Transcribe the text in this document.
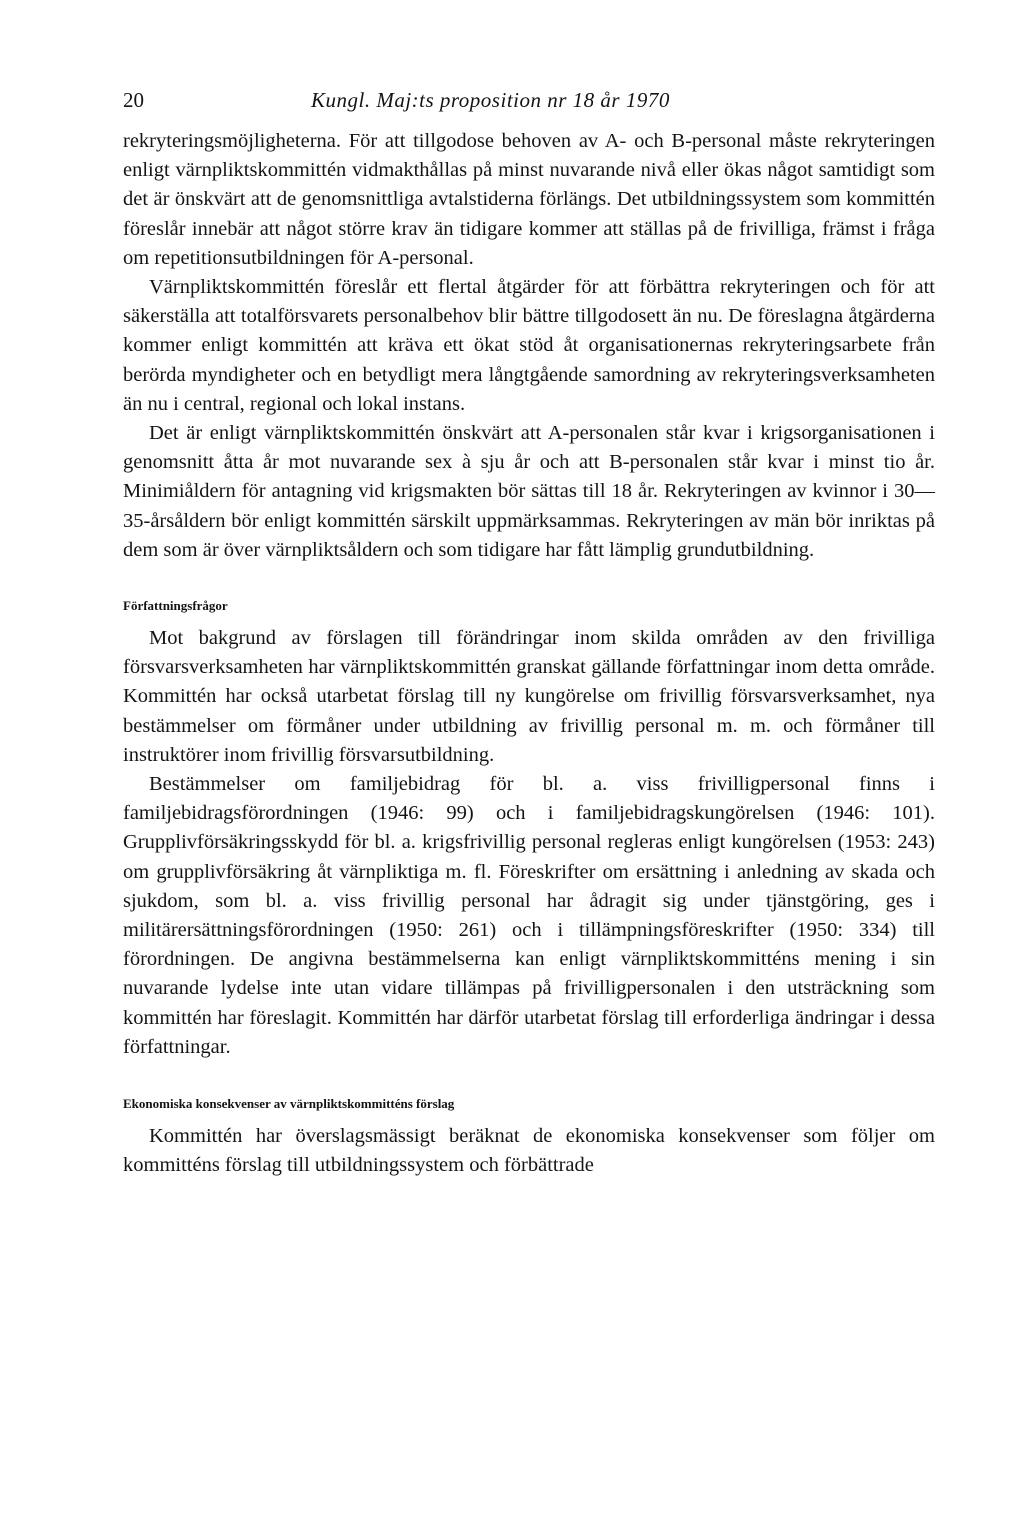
20	Kungl. Maj:ts proposition nr 18 år 1970

rekryteringsmöjligheterna. För att tillgodose behoven av A- och B-personal måste rekryteringen enligt värnpliktskommittén vidmakthållas på minst nuvarande nivå eller ökas något samtidigt som det är önskvärt att de genomsnittliga avtalstiderna förlängs. Det utbildningssystem som kommittén föreslår innebär att något större krav än tidigare kommer att ställas på de frivilliga, främst i fråga om repetitionsutbildningen för A-personal.

Värnpliktskommittén föreslår ett flertal åtgärder för att förbättra rekryteringen och för att säkerställa att totalförsvarets personalbehov blir bättre tillgodosett än nu. De föreslagna åtgärderna kommer enligt kommittén att kräva ett ökat stöd åt organisationernas rekryteringsarbete från berörda myndigheter och en betydligt mera långtgående samordning av rekryteringsverksamheten än nu i central, regional och lokal instans.

Det är enligt värnpliktskommittén önskvärt att A-personalen står kvar i krigsorganisationen i genomsnitt åtta år mot nuvarande sex à sju år och att B-personalen står kvar i minst tio år. Minimiåldern för antagning vid krigsmakten bör sättas till 18 år. Rekryteringen av kvinnor i 30—35-årsåldern bör enligt kommittén särskilt uppmärksammas. Rekryteringen av män bör inriktas på dem som är över värnpliktsåldern och som tidigare har fått lämplig grundutbildning.

Författningsfrågor

Mot bakgrund av förslagen till förändringar inom skilda områden av den frivilliga försvarsverksamheten har värnpliktskommittén granskat gällande författningar inom detta område. Kommittén har också utarbetat förslag till ny kungörelse om frivillig försvarsverksamhet, nya bestämmelser om förmåner under utbildning av frivillig personal m. m. och förmåner till instruktörer inom frivillig försvarsutbildning.

Bestämmelser om familjebidrag för bl. a. viss frivilligpersonal finns i familjebidragsförordningen (1946: 99) och i familjebidragskungörelsen (1946: 101). Grupplivförsäkringsskydd för bl. a. krigsfrivillig personal regleras enligt kungörelsen (1953: 243) om grupplivförsäkring åt värnpliktiga m. fl. Föreskrifter om ersättning i anledning av skada och sjukdom, som bl. a. viss frivillig personal har ådragit sig under tjänstgöring, ges i militärersättningsförordningen (1950: 261) och i tillämpningsföreskrifter (1950: 334) till förordningen. De angivna bestämmelserna kan enligt värnpliktskommitténs mening i sin nuvarande lydelse inte utan vidare tillämpas på frivilligpersonalen i den utsträckning som kommittén har föreslagit. Kommittén har därför utarbetat förslag till erforderliga ändringar i dessa författningar.

Ekonomiska konsekvenser av värnpliktskommitténs förslag

Kommittén har överslagsmässigt beräknat de ekonomiska konsekvenser som följer om kommitténs förslag till utbildningssystem och förbättrade
